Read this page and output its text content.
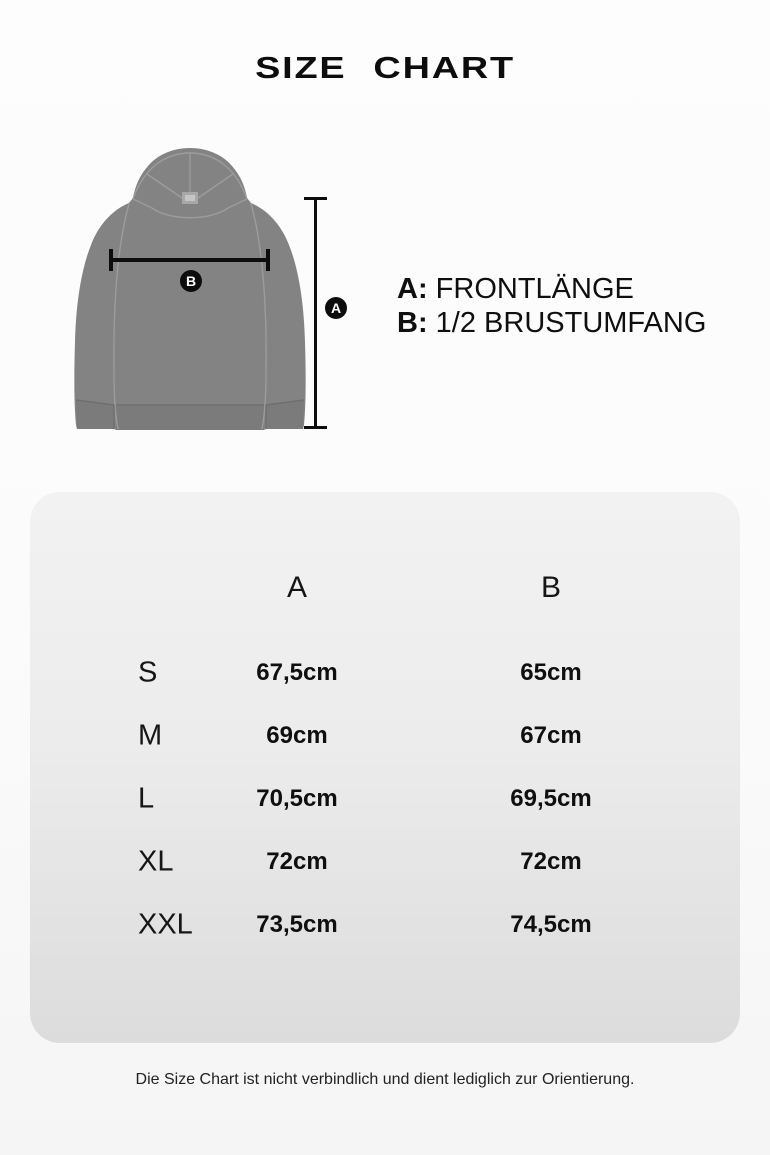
SIZE CHART
A
B	A: FRONTLÄNGE
B: 1/2 BRUSTUMFANG
A	B
S	67,5cm	65cm
M	69cm	67cm
L	70,5cm	69,5cm
XL	72cm	72cm
XXL	73,5cm	74,5cm
Die Size Chart ist nicht verbindlich und dient lediglich zur Orientierung.
